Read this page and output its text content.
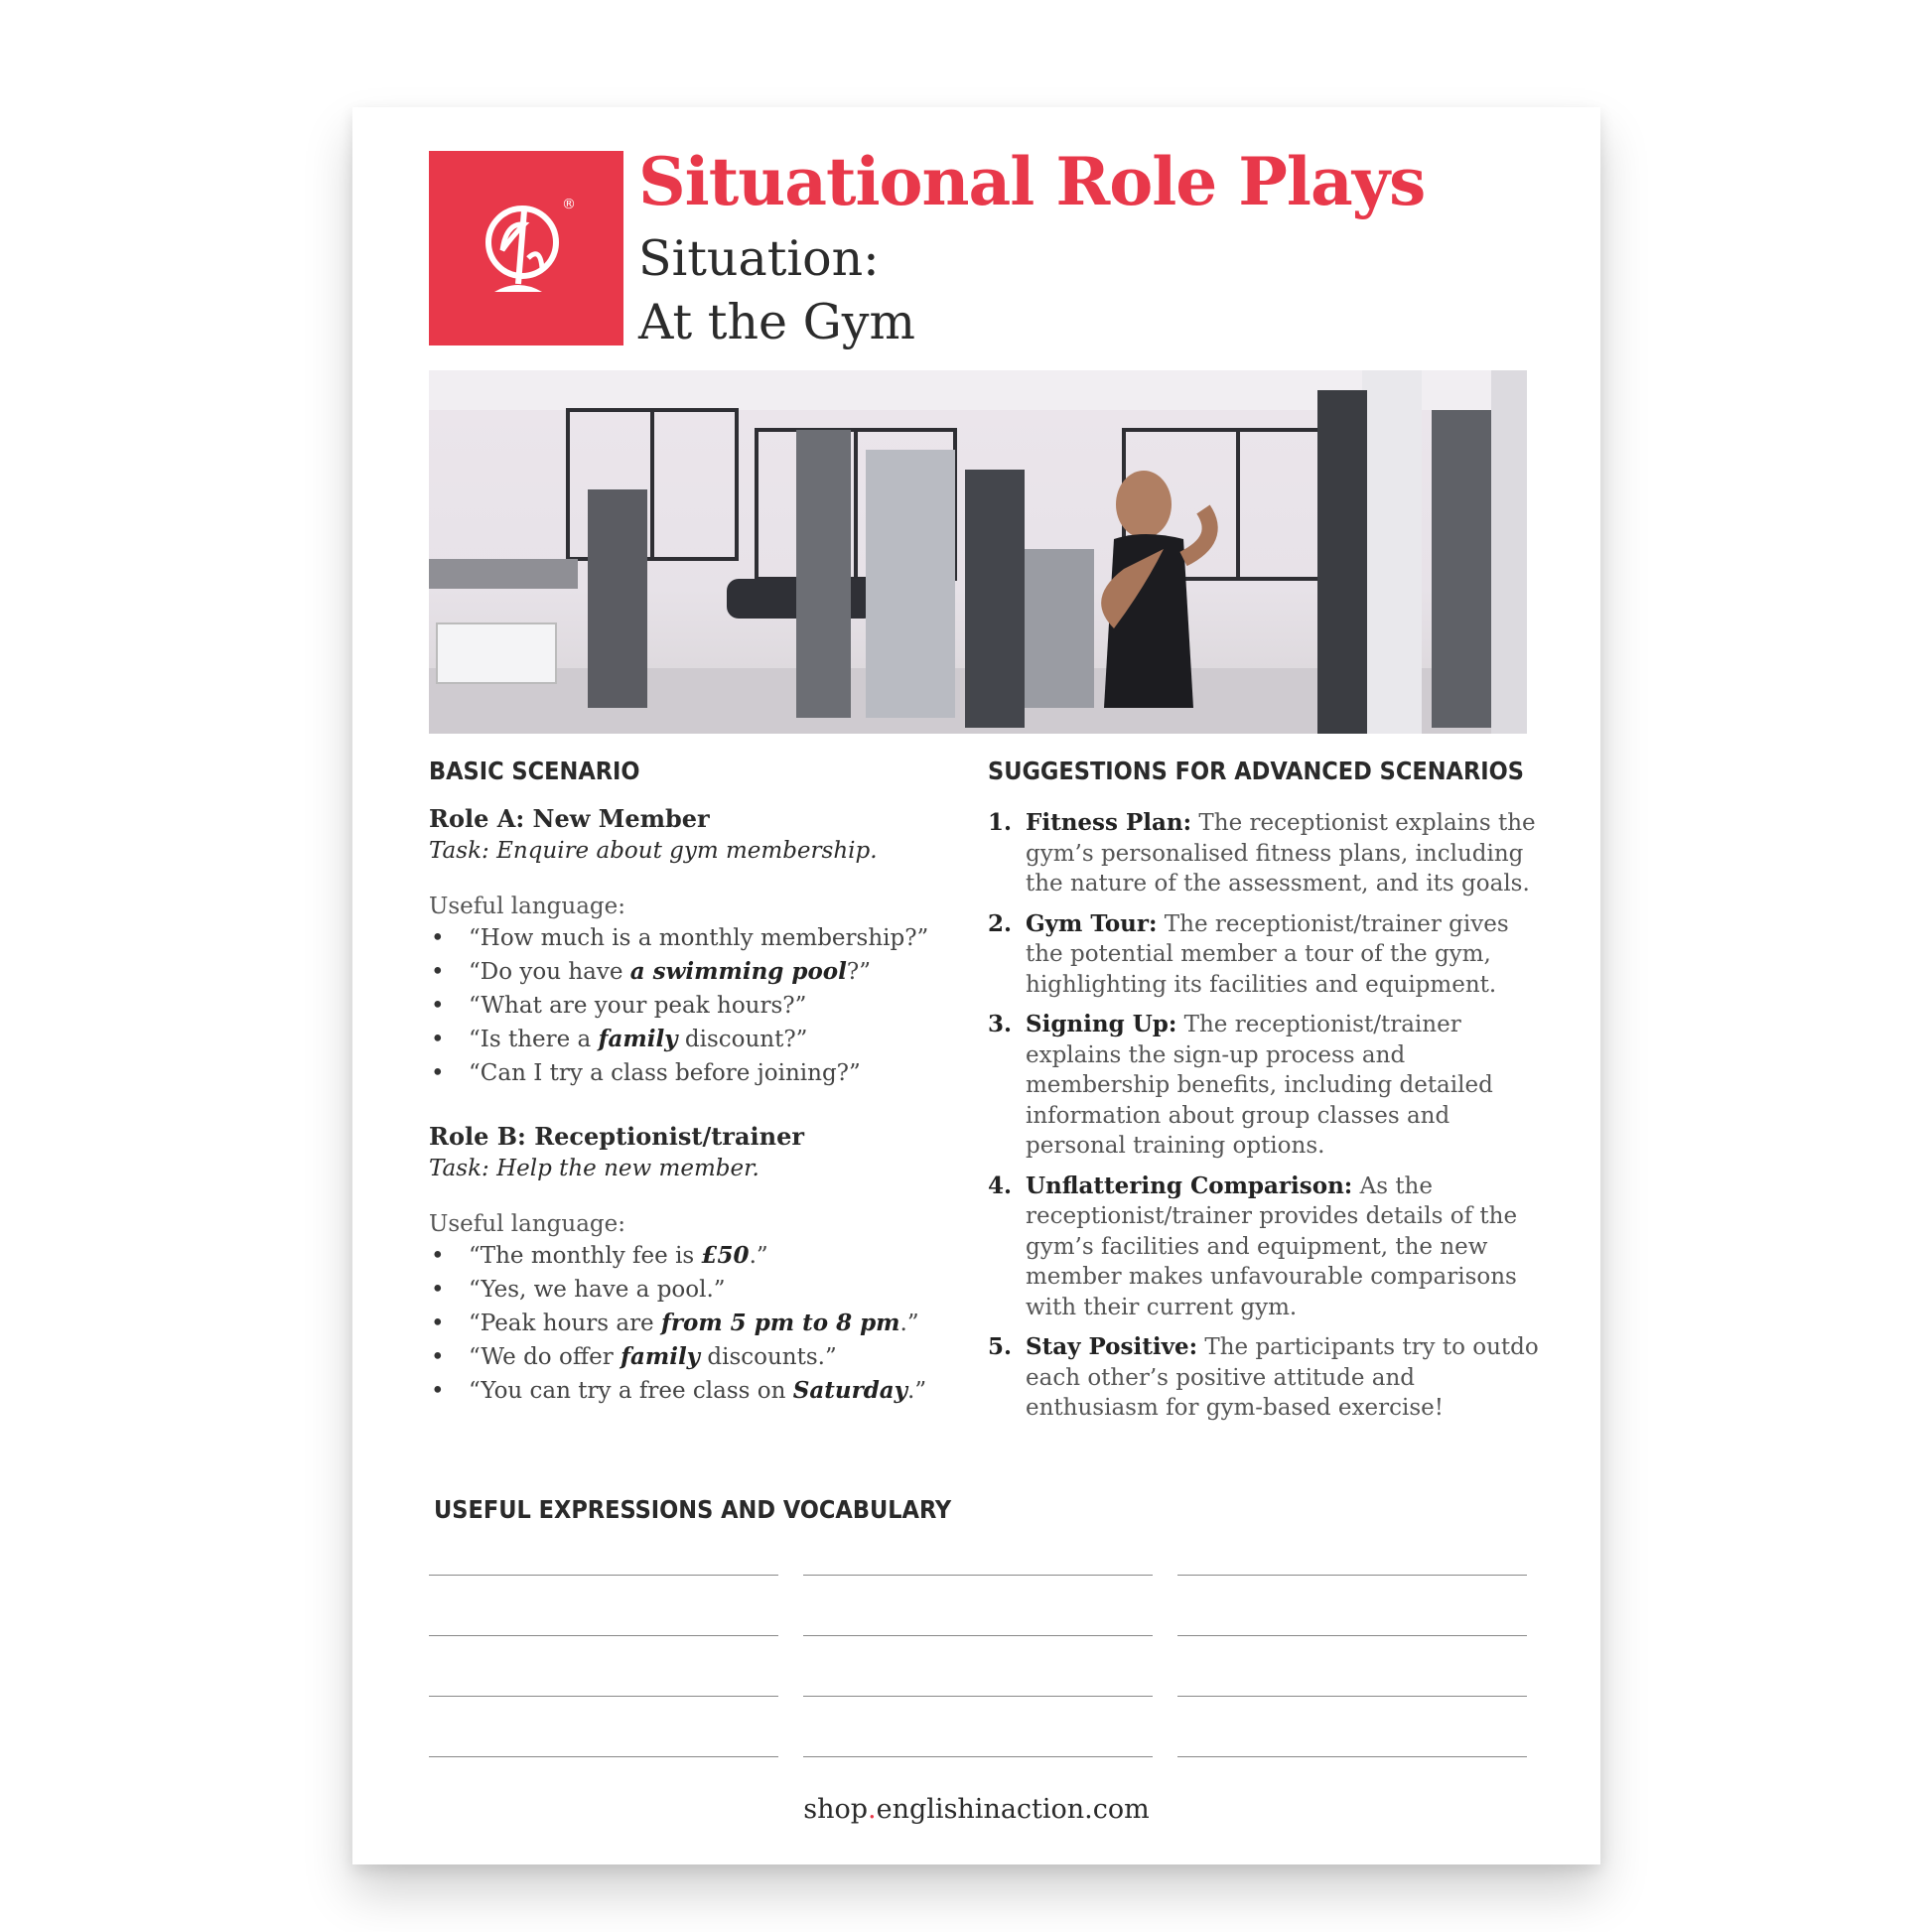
® Situational Role Plays
Situation:
At the Gym
BASIC SCENARIO
Role A: New Member
Task: Enquire about gym membership.
Useful language:
• “How much is a monthly membership?”
• “Do you have a swimming pool?”
• “What are your peak hours?”
• “Is there a family discount?”
• “Can I try a class before joining?”
Role B: Receptionist/trainer
Task: Help the new member.
Useful language:
• “The monthly fee is £50.”
• “Yes, we have a pool.”
• “Peak hours are from 5 pm to 8 pm.”
• “We do offer family discounts.”
• “You can try a free class on Saturday.”
SUGGESTIONS FOR ADVANCED SCENARIOS
1. Fitness Plan: The receptionist explains the gym’s personalised fitness plans, including the nature of the assessment, and its goals.
2. Gym Tour: The receptionist/trainer gives the potential member a tour of the gym, highlighting its facilities and equipment.
3. Signing Up: The receptionist/trainer explains the sign-up process and membership benefits, including detailed information about group classes and personal training options.
4. Unflattering Comparison: As the receptionist/trainer provides details of the gym’s facilities and equipment, the new member makes unfavourable comparisons with their current gym.
5. Stay Positive: The participants try to outdo each other’s positive attitude and enthusiasm for gym-based exercise!
USEFUL EXPRESSIONS AND VOCABULARY
shop.englishinaction.com
